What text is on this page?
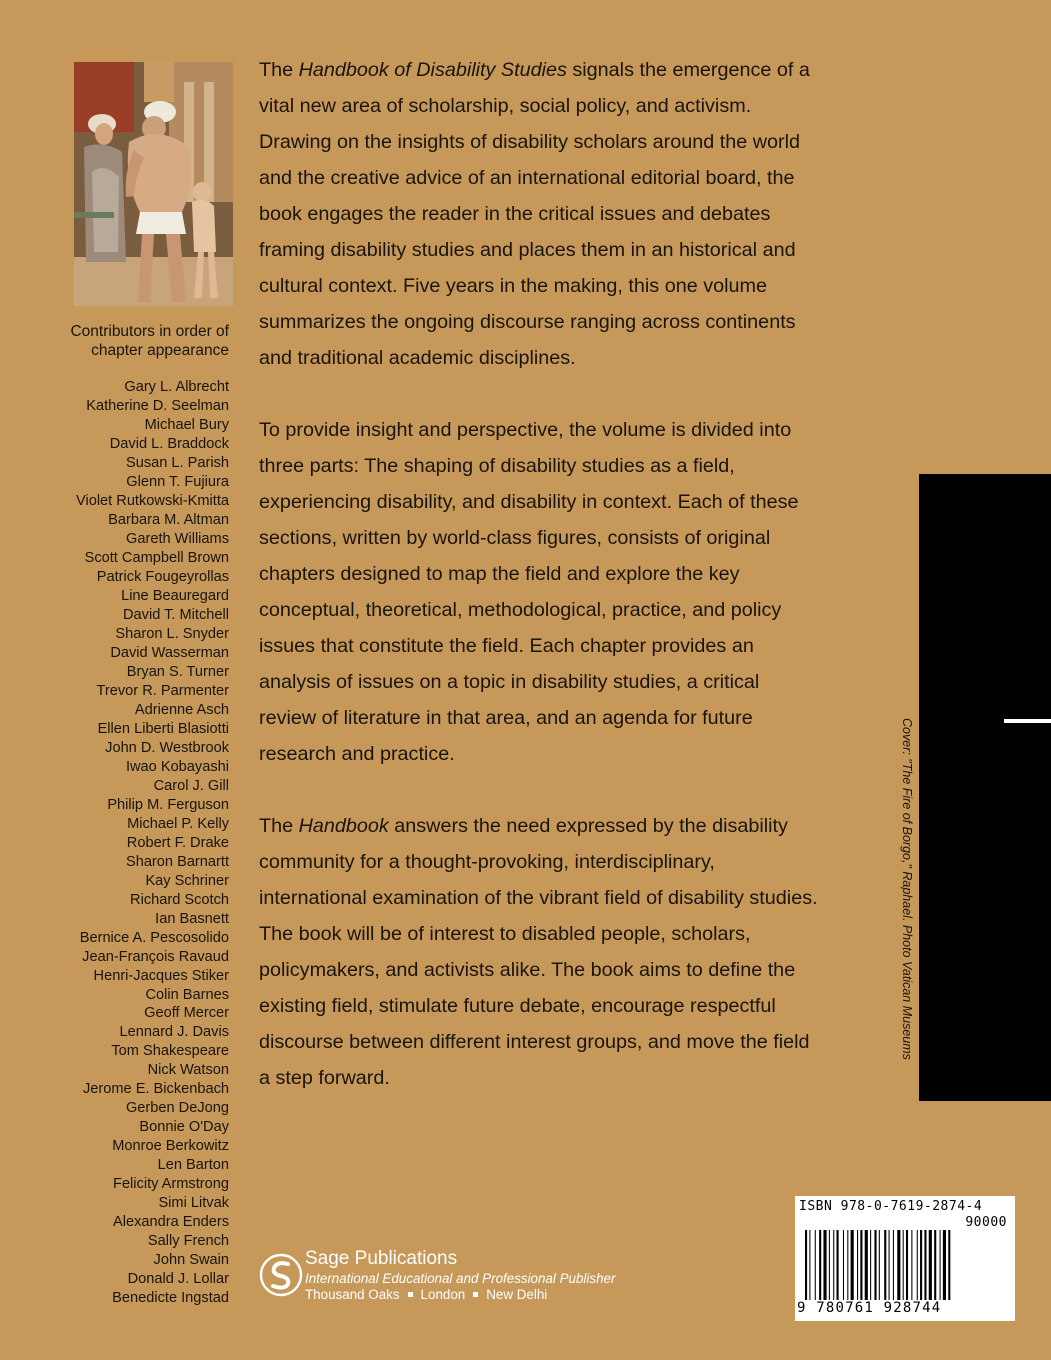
Contributors in order of chapter appearance

Gary L. Albrecht
Katherine D. Seelman
Michael Bury
David L. Braddock
Susan L. Parish
Glenn T. Fujiura
Violet Rutkowski-Kmitta
Barbara M. Altman
Gareth Williams
Scott Campbell Brown
Patrick Fougeyrollas
Line Beauregard
David T. Mitchell
Sharon L. Snyder
David Wasserman
Bryan S. Turner
Trevor R. Parmenter
Adrienne Asch
Ellen Liberti Blasiotti
John D. Westbrook
Iwao Kobayashi
Carol J. Gill
Philip M. Ferguson
Michael P. Kelly
Robert F. Drake
Sharon Barnartt
Kay Schriner
Richard Scotch
Ian Basnett
Bernice A. Pescosolido
Jean-François Ravaud
Henri-Jacques Stiker
Colin Barnes
Geoff Mercer
Lennard J. Davis
Tom Shakespeare
Nick Watson
Jerome E. Bickenbach
Gerben DeJong
Bonnie O'Day
Monroe Berkowitz
Len Barton
Felicity Armstrong
Simi Litvak
Alexandra Enders
Sally French
John Swain
Donald J. Lollar
Benedicte Ingstad

The Handbook of Disability Studies signals the emergence of a vital new area of scholarship, social policy, and activism. Drawing on the insights of disability scholars around the world and the creative advice of an international editorial board, the book engages the reader in the critical issues and debates framing disability studies and places them in an historical and cultural context. Five years in the making, this one volume summarizes the ongoing discourse ranging across continents and traditional academic disciplines.

To provide insight and perspective, the volume is divided into three parts: The shaping of disability studies as a field, experiencing disability, and disability in context. Each of these sections, written by world-class figures, consists of original chapters designed to map the field and explore the key conceptual, theoretical, methodological, practice, and policy issues that constitute the field. Each chapter provides an analysis of issues on a topic in disability studies, a critical review of literature in that area, and an agenda for future research and practice.

The Handbook answers the need expressed by the disability community for a thought-provoking, interdisciplinary, international examination of the vibrant field of disability studies. The book will be of interest to disabled people, scholars, policymakers, and activists alike. The book aims to define the existing field, stimulate future debate, encourage respectful discourse between different interest groups, and move the field a step forward.

Cover: "The Fire of Borgo," Raphael. Photo Vatican Museums
Sage Publications
International Educational and Professional Publisher
Thousand Oaks London New Delhi
ISBN 978-0-7619-2874-4
90000
9 780761 928744
